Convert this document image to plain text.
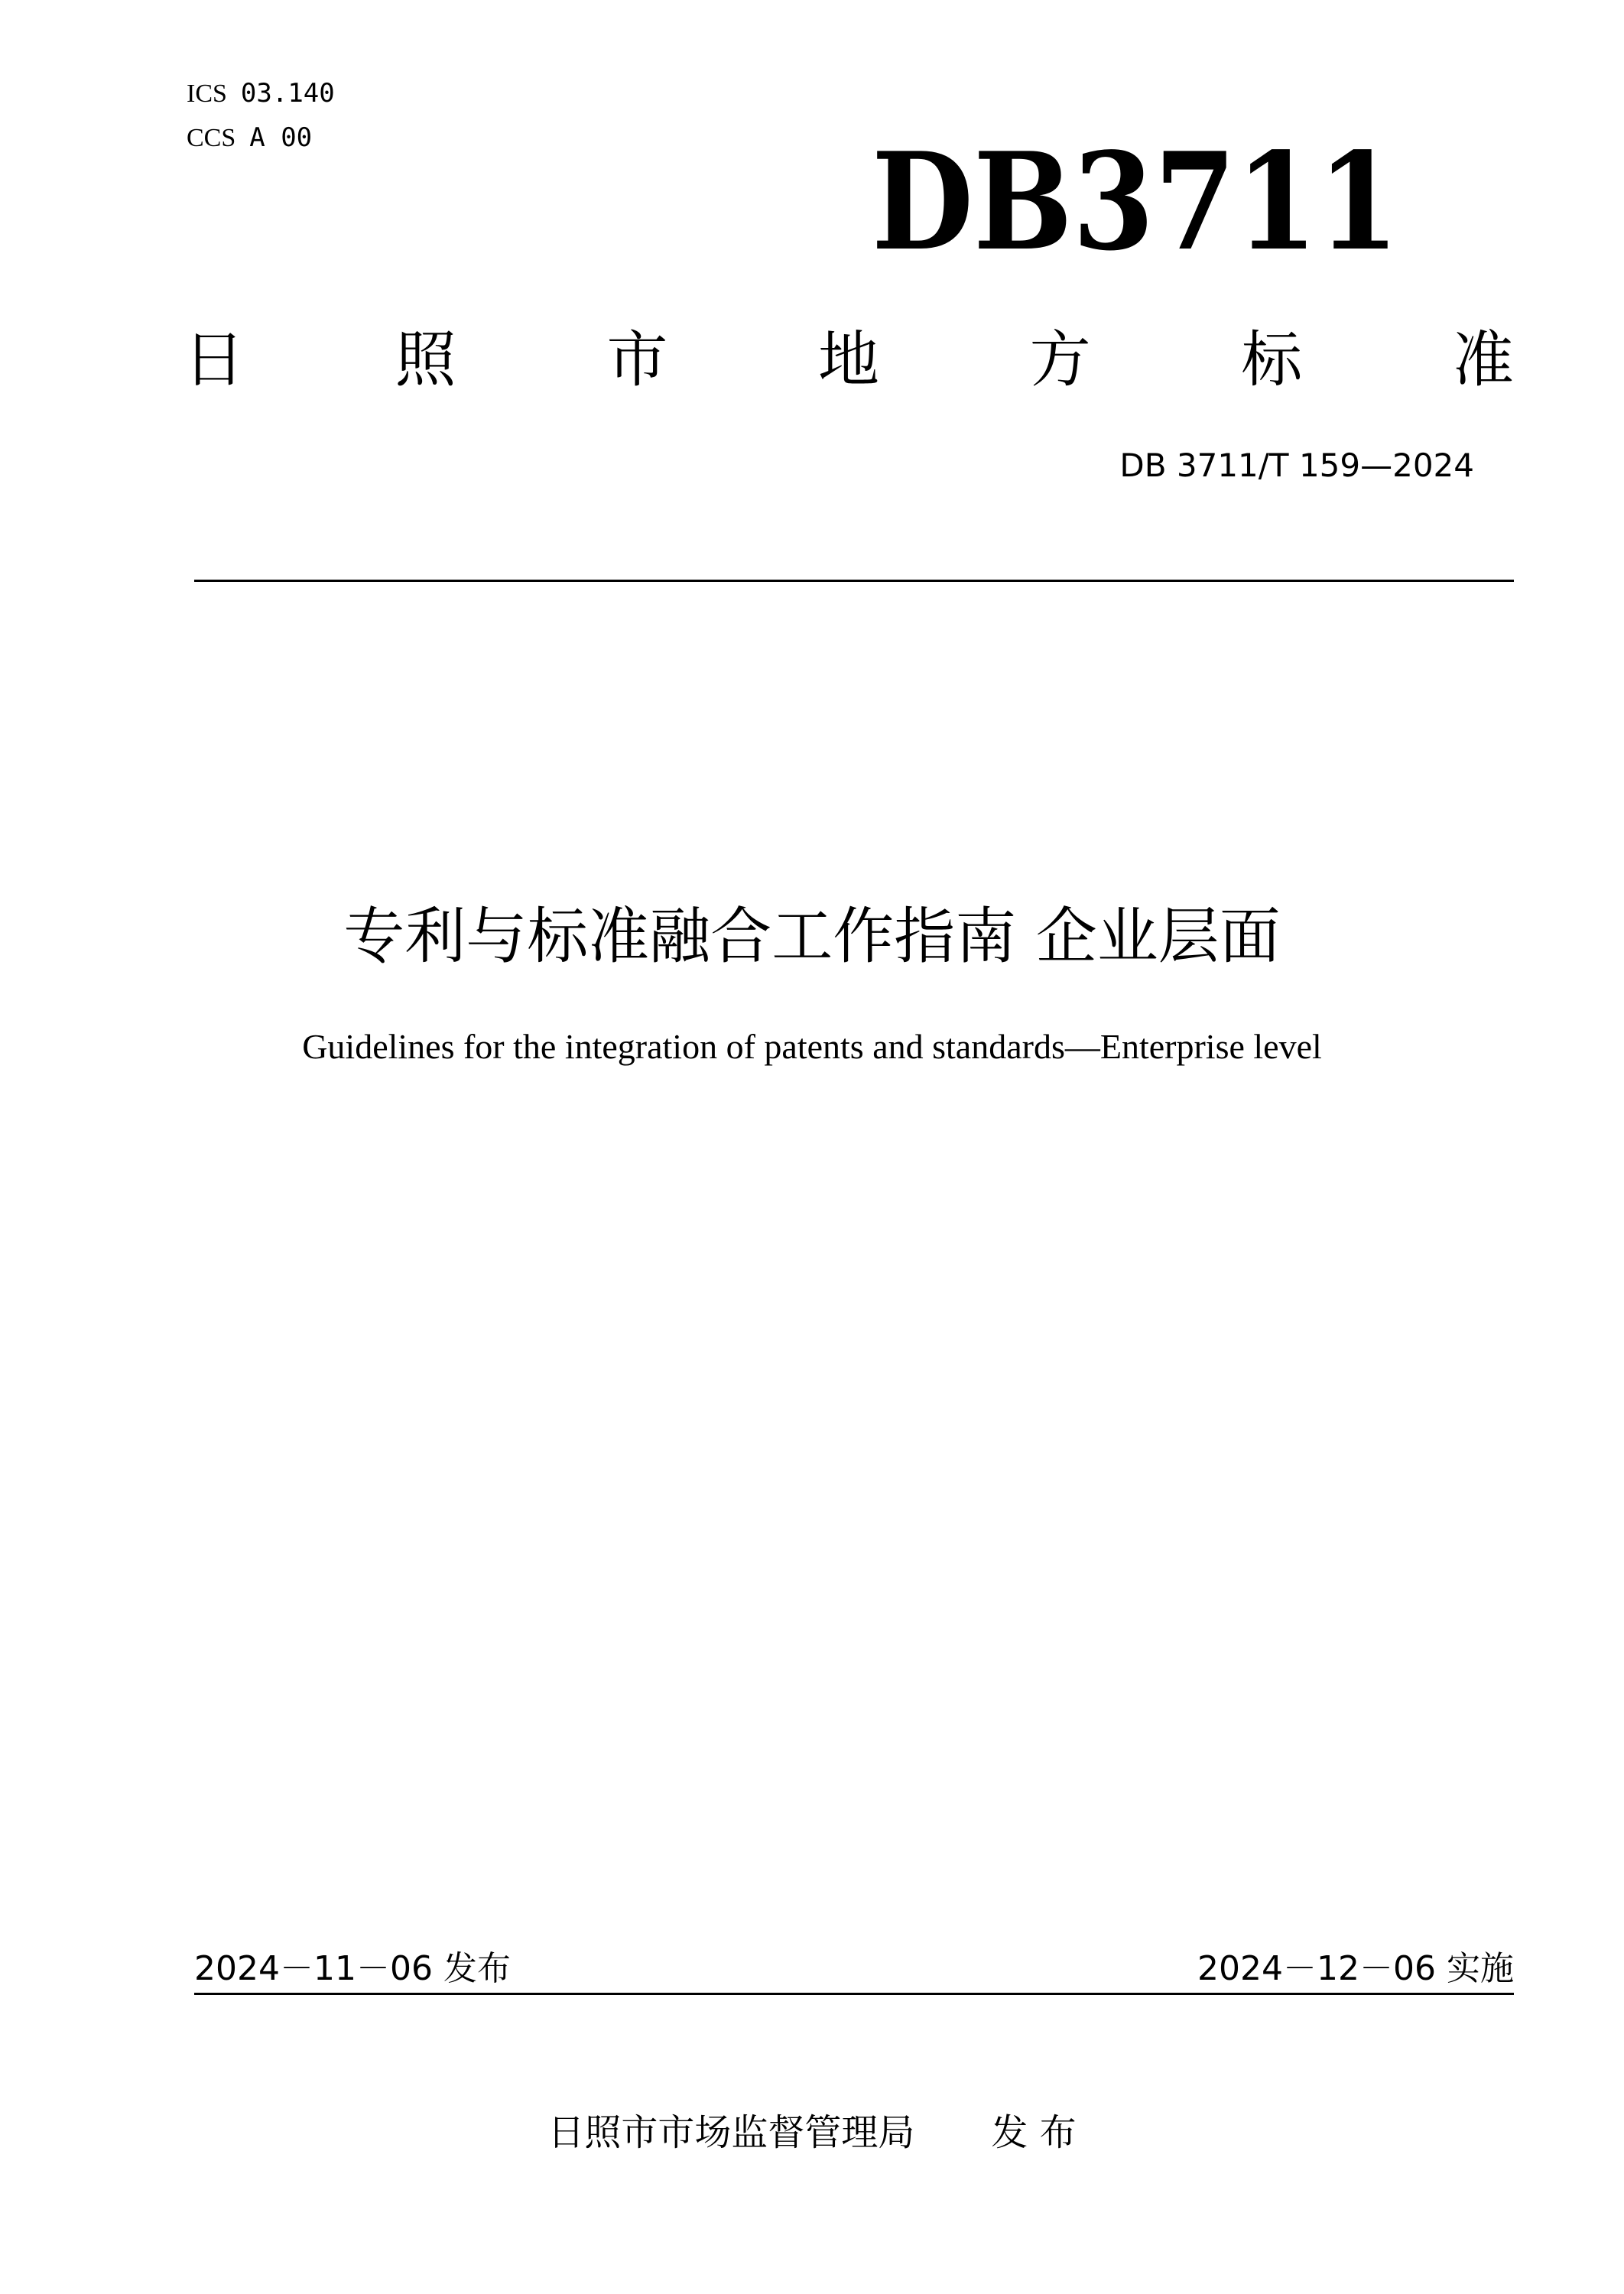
ICS 03.140
CCS A 00	DB3711
日 照 市 地 方 标 准
DB 3711/T 159—2024
专利与标准融合工作指南 企业层面
Guidelines for the integration of patents and standards—Enterprise level
2024－11－06 发布	2024－12－06 实施
日照市市场监督管理局 发 布
